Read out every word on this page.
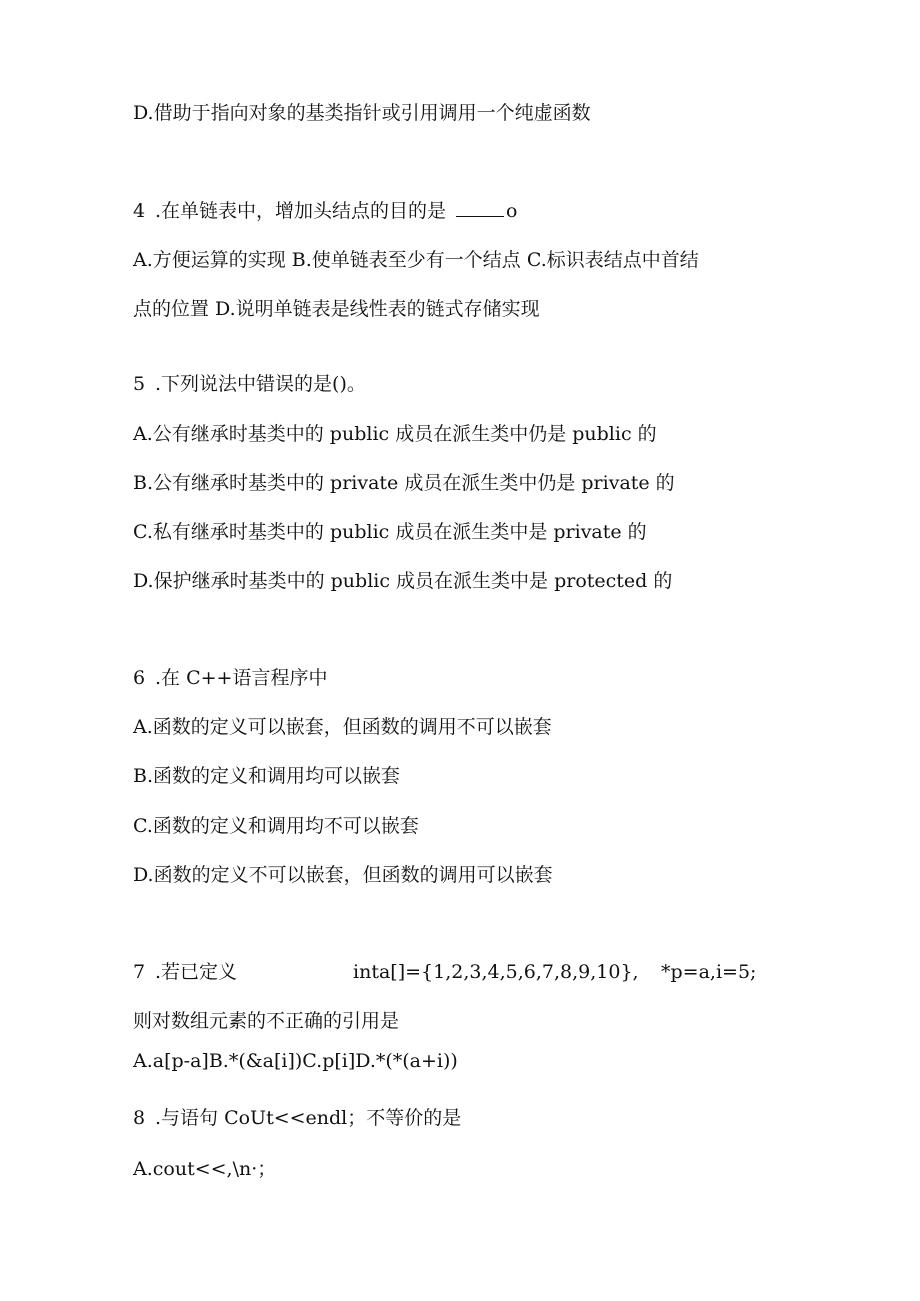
D.借助于指向对象的基类指针或引用调用一个纯虚函数
4 .在单链表中，增加头结点的目的是	o
A.方便运算的实现 B.使单链表至少有一个结点 C.标识表结点中首结
点的位置 D.说明单链表是线性表的链式存储实现
5 .下列说法中错误的是()。
A.公有继承时基类中的 public 成员在派生类中仍是 public 的
B.公有继承时基类中的 private 成员在派生类中仍是 private 的
C.私有继承时基类中的 public 成员在派生类中是 private 的
D.保护继承时基类中的 public 成员在派生类中是 protected 的
6 .在 C++语言程序中
A.函数的定义可以嵌套，但函数的调用不可以嵌套
B.函数的定义和调用均可以嵌套
C.函数的定义和调用均不可以嵌套
D.函数的定义不可以嵌套，但函数的调用可以嵌套
7 .若已定义	inta[]={1,2,3,4,5,6,7,8,9,10}, *p=a,i=5;
则对数组元素的不正确的引用是
A.a[p-a]B.*(&a[i])C.p[i]D.*(*(a+i))
8 .与语句 CoUt<<endl；不等价的是
A.cout<<,\n·；
